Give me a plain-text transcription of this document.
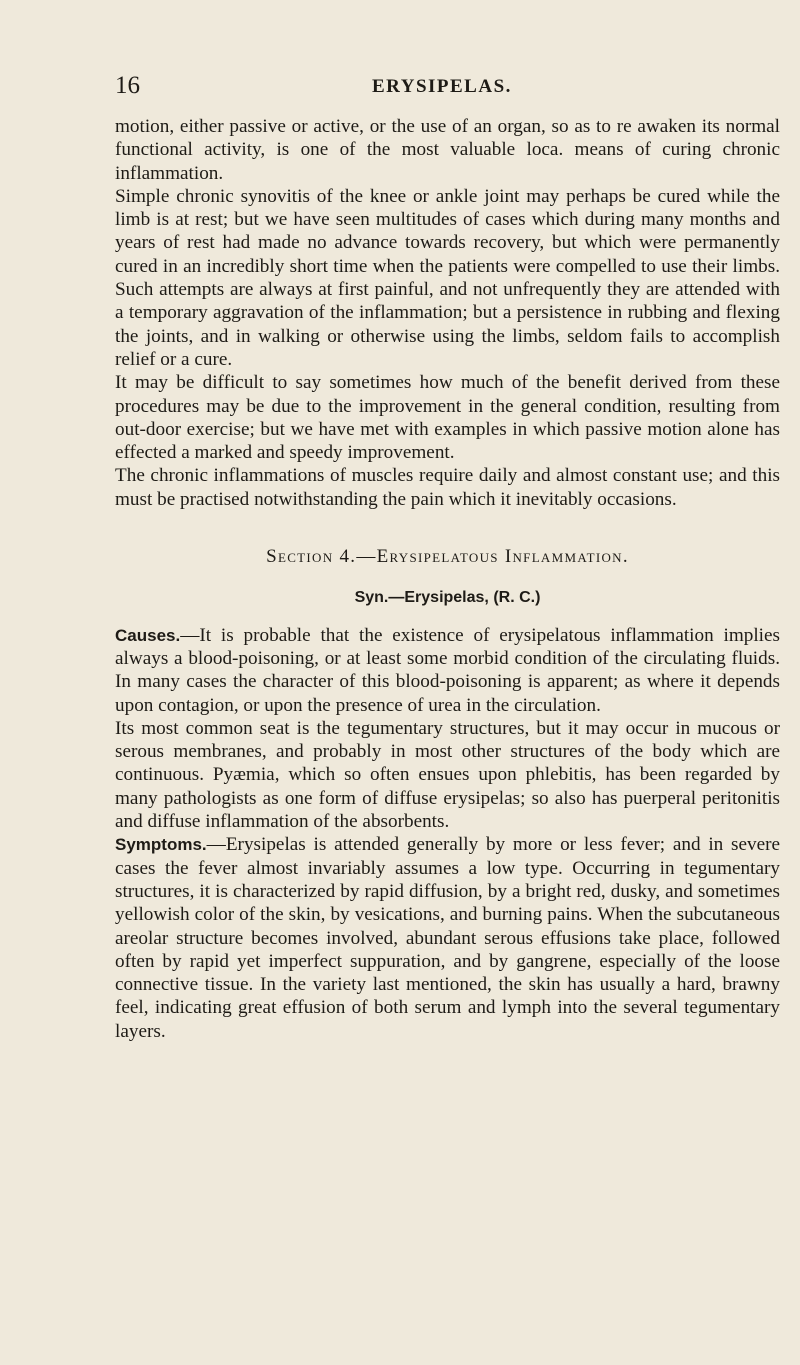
16	ERYSIPELAS.

motion, either passive or active, or the use of an organ, so as to re awaken its normal functional activity, is one of the most valuable loca. means of curing chronic inflammation.

Simple chronic synovitis of the knee or ankle joint may perhaps be cured while the limb is at rest; but we have seen multitudes of cases which during many months and years of rest had made no advance towards recovery, but which were permanently cured in an incredibly short time when the patients were compelled to use their limbs. Such attempts are always at first painful, and not unfrequently they are attended with a temporary aggravation of the inflammation; but a persistence in rubbing and flexing the joints, and in walking or otherwise using the limbs, seldom fails to accomplish relief or a cure.

It may be difficult to say sometimes how much of the benefit derived from these procedures may be due to the improvement in the general condition, resulting from out-door exercise; but we have met with examples in which passive motion alone has effected a marked and speedy improvement.

The chronic inflammations of muscles require daily and almost constant use; and this must be practised notwithstanding the pain which it inevitably occasions.

Section 4.—Erysipelatous Inflammation.
Syn.—Erysipelas, (R. C.)

Causes.—It is probable that the existence of erysipelatous inflammation implies always a blood-poisoning, or at least some morbid condition of the circulating fluids. In many cases the character of this blood-poisoning is apparent; as where it depends upon contagion, or upon the presence of urea in the circulation.

Its most common seat is the tegumentary structures, but it may occur in mucous or serous membranes, and probably in most other structures of the body which are continuous. Pyæmia, which so often ensues upon phlebitis, has been regarded by many pathologists as one form of diffuse erysipelas; so also has puerperal peritonitis and diffuse inflammation of the absorbents.

Symptoms.—Erysipelas is attended generally by more or less fever; and in severe cases the fever almost invariably assumes a low type. Occurring in tegumentary structures, it is characterized by rapid diffusion, by a bright red, dusky, and sometimes yellowish color of the skin, by vesications, and burning pains. When the subcutaneous areolar structure becomes involved, abundant serous effusions take place, followed often by rapid yet imperfect suppuration, and by gangrene, especially of the loose connective tissue. In the variety last mentioned, the skin has usually a hard, brawny feel, indicating great effusion of both serum and lymph into the several tegumentary layers.
